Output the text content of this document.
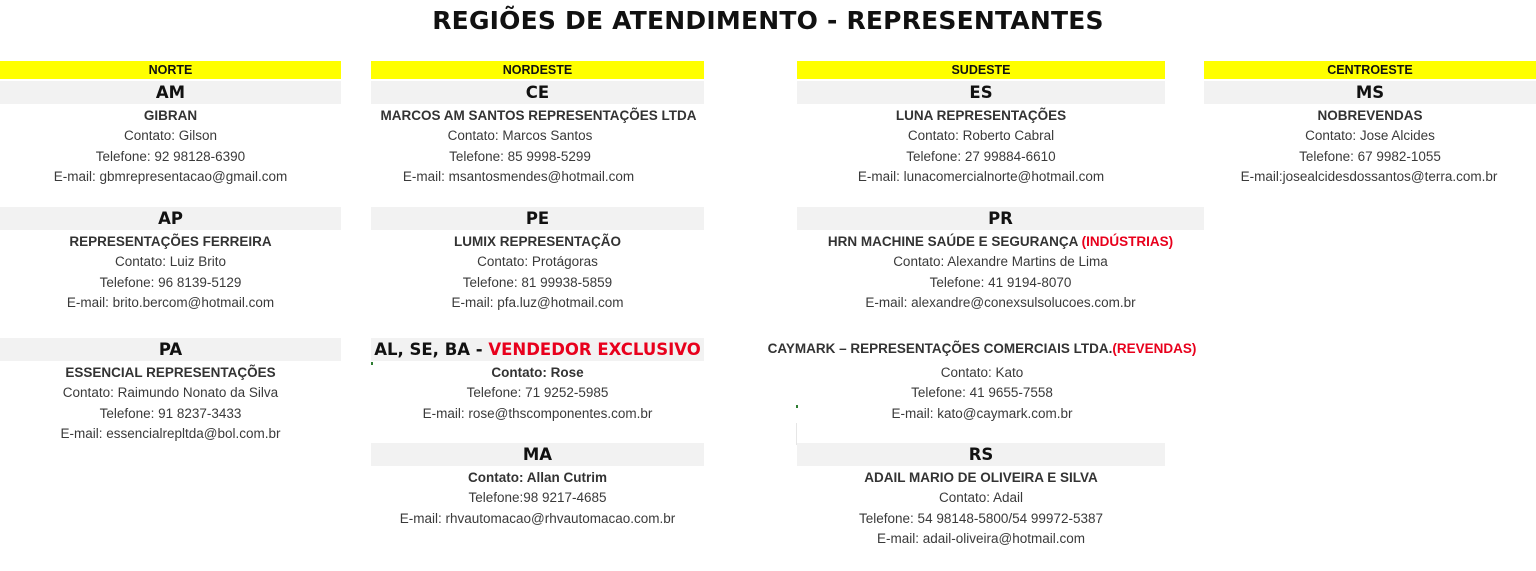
REGIÕES DE ATENDIMENTO - REPRESENTANTES
NORTE	NORDESTE	SUDESTE	CENTROESTE
AM
GIBRAN
Contato: Gilson
Telefone: 92 98128-6390
E-mail: gbmrepresentacao@gmail.com
AP
REPRESENTAÇÕES FERREIRA
Contato: Luiz Brito
Telefone: 96 8139-5129
E-mail: brito.bercom@hotmail.com
PA
ESSENCIAL REPRESENTAÇÕES
Contato: Raimundo Nonato da Silva
Telefone: 91 8237-3433
E-mail: essencialrepltda@bol.com.br
CE
MARCOS AM SANTOS REPRESENTAÇÕES LTDA
Contato: Marcos Santos
Telefone: 85 9998-5299
E-mail: msantosmendes@hotmail.com
PE
LUMIX REPRESENTAÇÃO
Contato: Protágoras
Telefone: 81 99938-5859
E-mail: pfa.luz@hotmail.com
AL, SE, BA - VENDEDOR EXCLUSIVO
Contato: Rose
Telefone: 71 9252-5985
E-mail: rose@thscomponentes.com.br
MA
Contato: Allan Cutrim
Telefone:98 9217-4685
E-mail: rhvautomacao@rhvautomacao.com.br
ES
LUNA REPRESENTAÇÕES
Contato: Roberto Cabral
Telefone: 27 99884-6610
E-mail: lunacomercialnorte@hotmail.com
PR
HRN MACHINE SAÚDE E SEGURANÇA (INDÚSTRIAS)
Contato: Alexandre Martins de Lima
Telefone: 41 9194-8070
E-mail: alexandre@conexsulsolucoes.com.br
CAYMARK – REPRESENTAÇÕES COMERCIAIS LTDA.(REVENDAS)
Contato: Kato
Telefone: 41 9655-7558
E-mail: kato@caymark.com.br
RS
ADAIL MARIO DE OLIVEIRA E SILVA
Contato: Adail
Telefone: 54 98148-5800/54 99972-5387
E-mail: adail-oliveira@hotmail.com
MS
NOBREVENDAS
Contato: Jose Alcides
Telefone: 67 9982-1055
E-mail:josealcidesdossantos@terra.com.br
